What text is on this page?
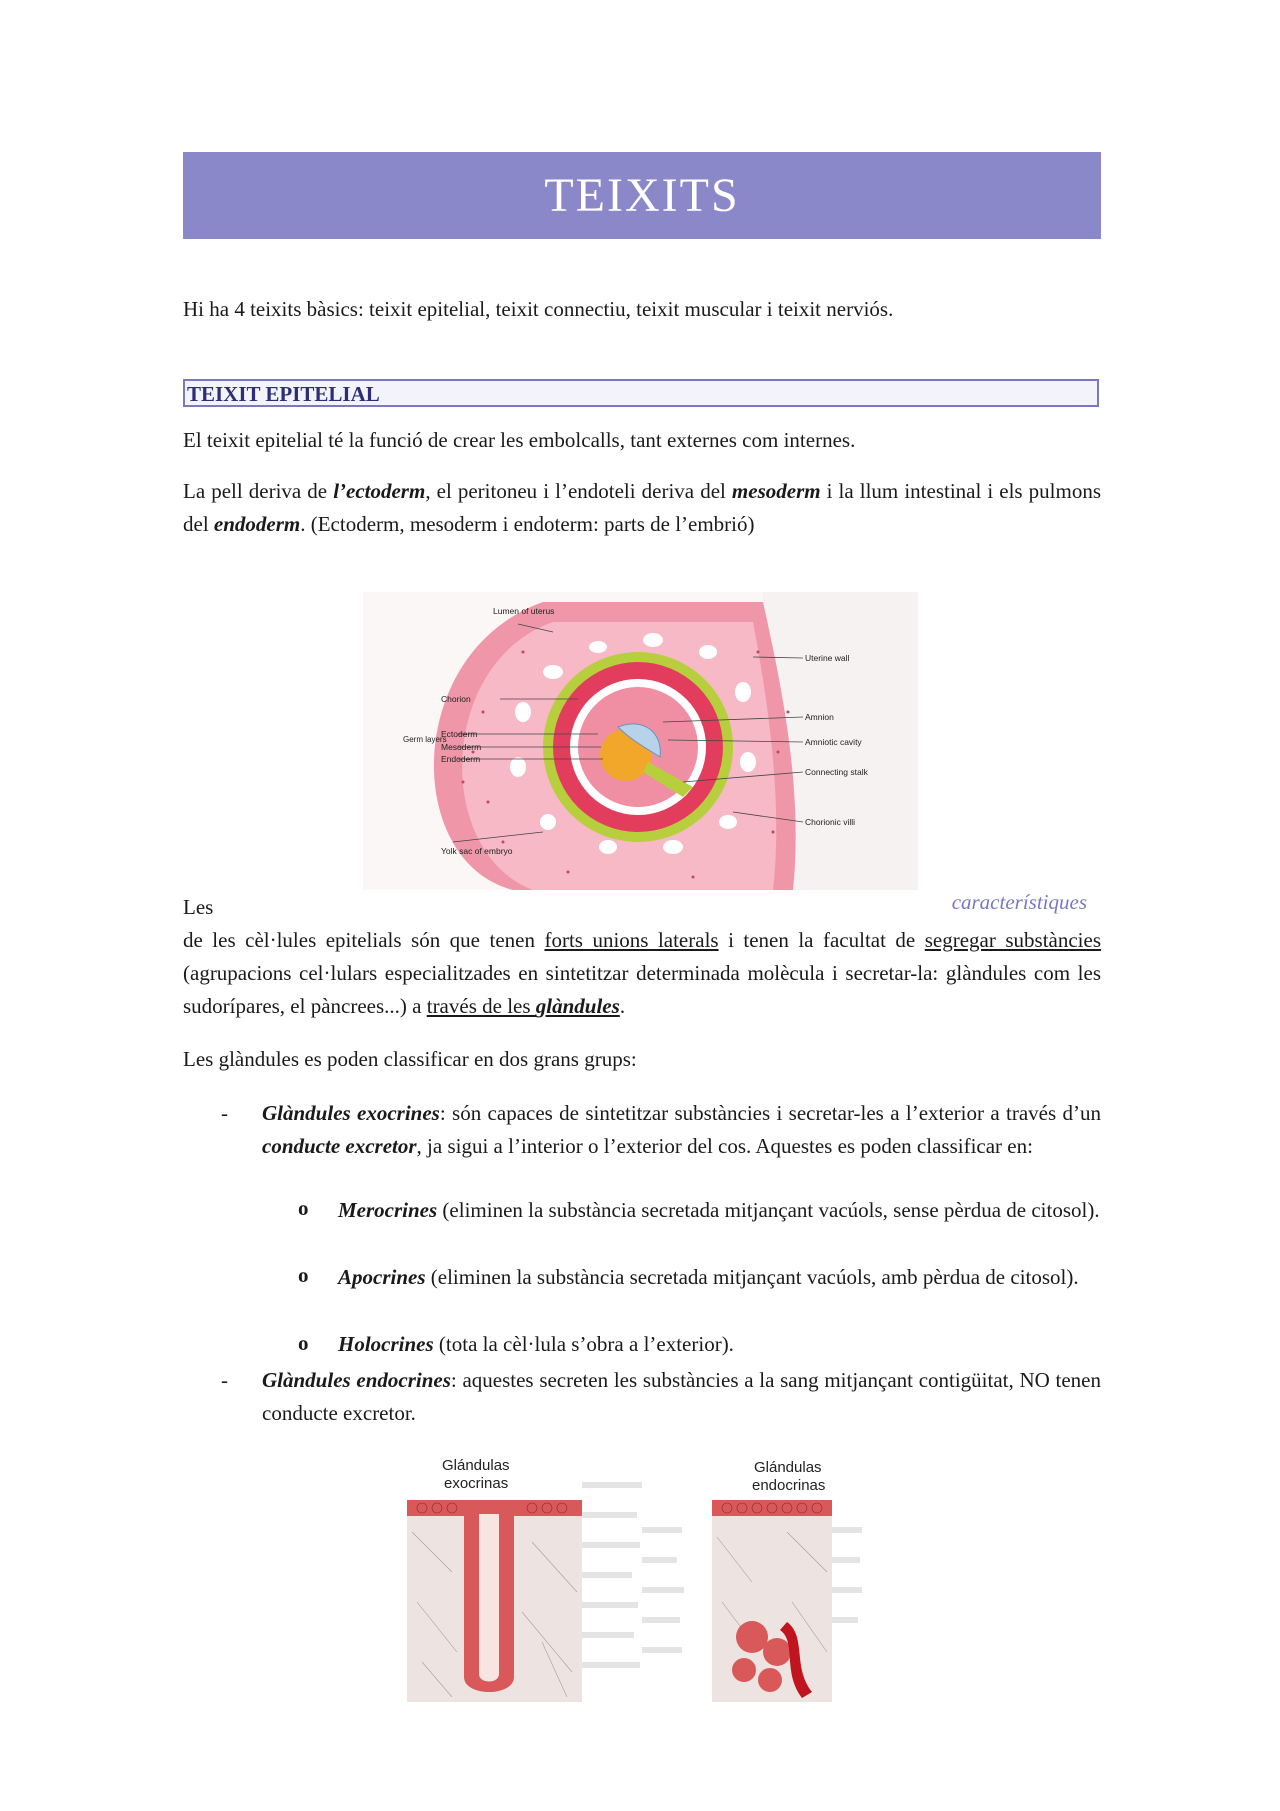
TEIXITS

Hi ha 4 teixits bàsics: teixit epitelial, teixit connectiu, teixit muscular i teixit nerviós.

TEIXIT EPITELIAL

El teixit epitelial té la funció de crear les embolcalls, tant externes com internes.

La pell deriva de l’ectoderm, el peritoneu i l’endoteli deriva del mesoderm i la llum intestinal i els pulmons del endoderm. (Ectoderm, mesoderm i endoterm: parts de l’embrió)

Lumen of uterus
Uterine wall
Chorion
Amnion
Germ layers
Ectoderm
Mesoderm
Endoderm
Amniotic cavity
Connecting stalk
Chorionic villi
Yolk sac of embryo
Les	característiques

de les cèl·lules epitelials són que tenen forts unions laterals i tenen la facultat de segregar substàncies (agrupacions cel·lulars especialitzades en sintetitzar determinada molècula i secretar-la: glàndules com les sudorípares, el pàncrees...) a través de les glàndules.

Les glàndules es poden classificar en dos grans grups:

- Glàndules exocrines: són capaces de sintetitzar substàncies i secretar-les a l’exterior a través d’un conducte excretor, ja sigui a l’interior o l’exterior del cos. Aquestes es poden classificar en:

o Merocrines (eliminen la substància secretada mitjançant vacúols, sense pèrdua de citosol).

o Apocrines (eliminen la substància secretada mitjançant vacúols, amb pèrdua de citosol).

o Holocrines (tota la cèl·lula s’obra a l’exterior).

- Glàndules endocrines: aquestes secreten les substàncies a la sang mitjançant contigüitat, NO tenen conducte excretor.

Glándulas
exocrinas
Glándulas
endocrinas
